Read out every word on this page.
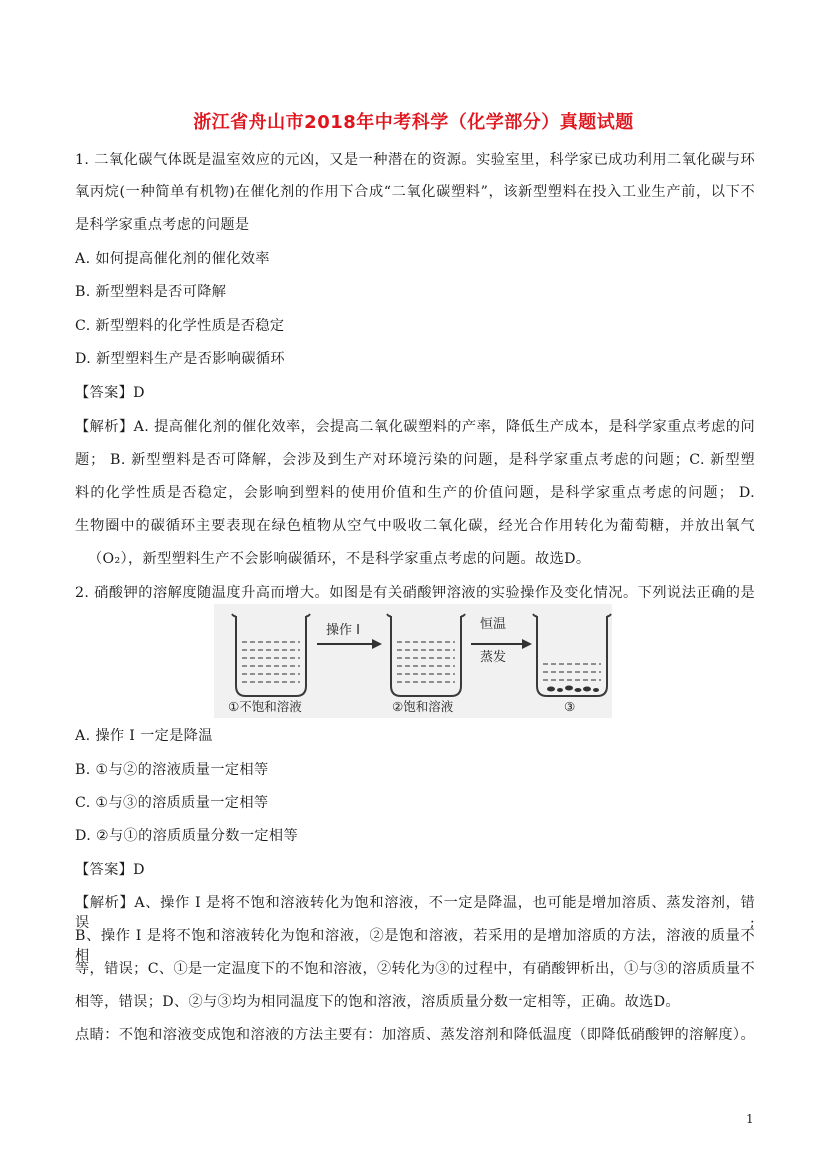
浙江省舟山市2018年中考科学（化学部分）真题试题
1. 二氧化碳气体既是温室效应的元凶，又是一种潜在的资源。实验室里，科学家已成功利用二氧化碳与环
氧丙烷(一种简单有机物)在催化剂的作用下合成“二氧化碳塑料”，该新型塑料在投入工业生产前，以下不
是科学家重点考虑的问题是
A. 如何提高催化剂的催化效率
B. 新型塑料是否可降解
C. 新型塑料的化学性质是否稳定
D. 新型塑料生产是否影响碳循环
【答案】D
【解析】A. 提高催化剂的催化效率，会提高二氧化碳塑料的产率，降低生产成本，是科学家重点考虑的问
题； B. 新型塑料是否可降解，会涉及到生产对环境污染的问题，是科学家重点考虑的问题；C. 新型塑
料的化学性质是否稳定，会影响到塑料的使用价值和生产的价值问题，是科学家重点考虑的问题； D.
生物圈中的碳循环主要表现在绿色植物从空气中吸收二氧化碳，经光合作用转化为葡萄糖，并放出氧气
（O₂），新型塑料生产不会影响碳循环，不是科学家重点考虑的问题。故选D。
2. 硝酸钾的溶解度随温度升高而增大。如图是有关硝酸钾溶液的实验操作及变化情况。下列说法正确的是
①不饱和溶液
操作 I
②饱和溶液
恒温
蒸发
③
A. 操作 I 一定是降温
B. ①与②的溶液质量一定相等
C. ①与③的溶质质量一定相等
D. ②与①的溶质质量分数一定相等
【答案】D
【解析】A、操作 I 是将不饱和溶液转化为饱和溶液，不一定是降温，也可能是增加溶质、蒸发溶剂，错误;
B、操作 I 是将不饱和溶液转化为饱和溶液，②是饱和溶液，若采用的是增加溶质的方法，溶液的质量不相
等，错误；C、①是一定温度下的不饱和溶液，②转化为③的过程中，有硝酸钾析出，①与③的溶质质量不
相等，错误；D、②与③均为相同温度下的饱和溶液，溶质质量分数一定相等，正确。故选D。
点睛：不饱和溶液变成饱和溶液的方法主要有：加溶质、蒸发溶剂和降低温度（即降低硝酸钾的溶解度）。
1
